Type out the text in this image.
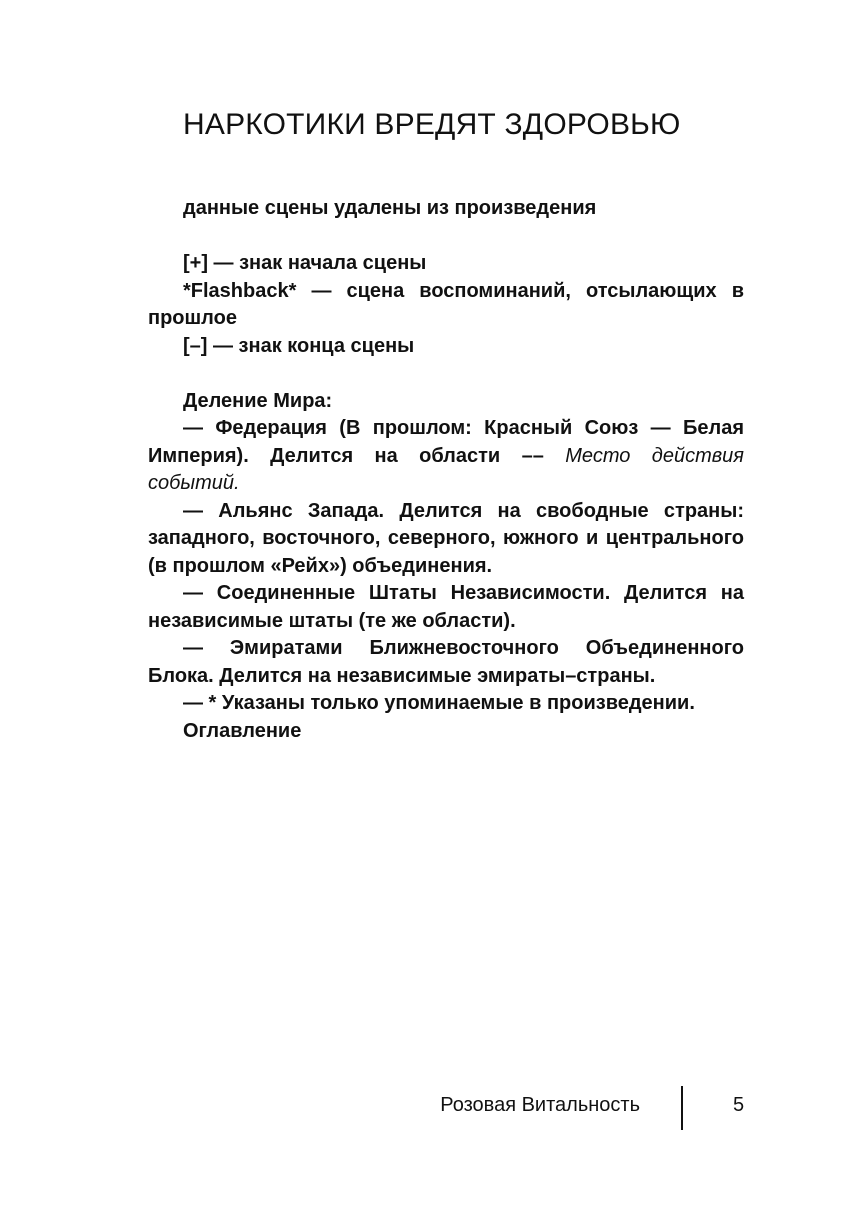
НАРКОТИКИ ВРЕДЯТ ЗДОРОВЬЮ

данные сцены удалены из произведения

[+] — знак начала сцены

*Flashback* — сцена воспоминаний, отсылающих в прошлое

[–] — знак конца сцены

Деление Мира:

— Федерация (В прошлом: Красный Союз — Белая Империя). Делится на области –– Место действия событий.

— Альянс Запада. Делится на свободные страны: западного, восточного, северного, южного и центрального (в прошлом «Рейх») объединения.

— Соединенные Штаты Независимости. Делится на независимые штаты (те же области).

— Эмиратами Ближневосточного Объединенного Блока. Делится на независимые эмираты–страны.

— * Указаны только упоминаемые в произведении.

Оглавление

Розовая Витальность	5
